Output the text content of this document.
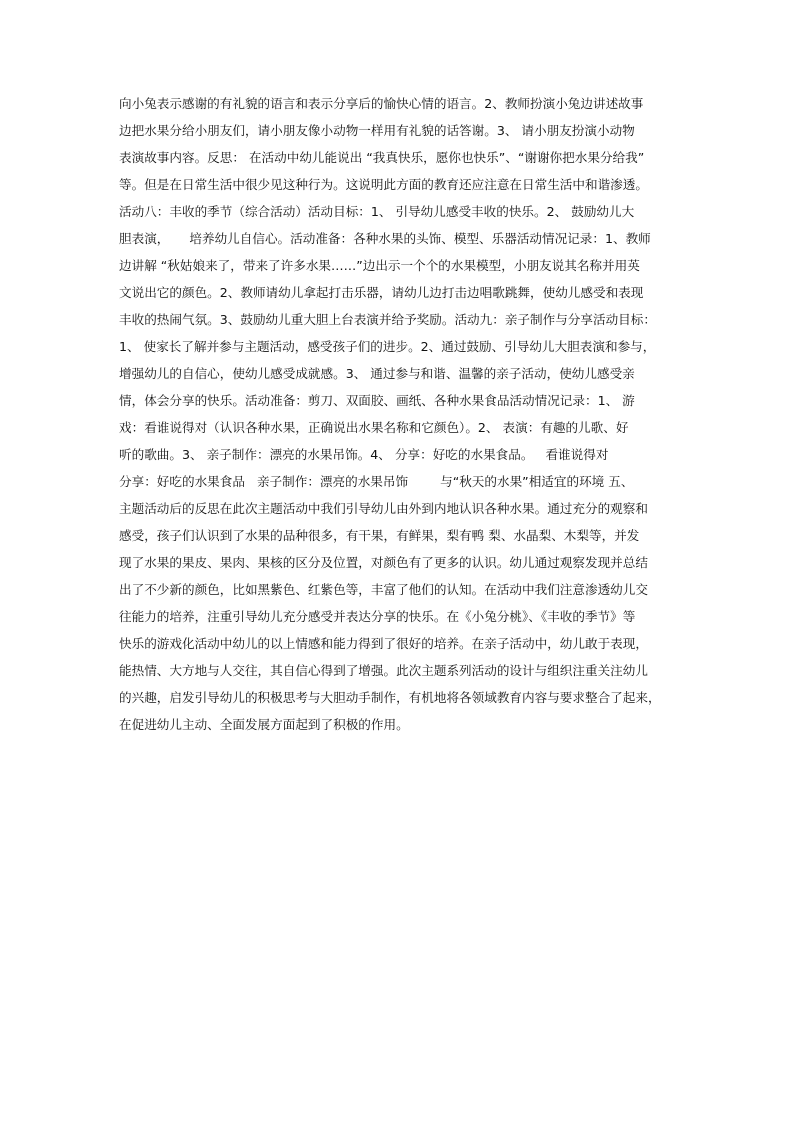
向小兔表示感谢的有礼貌的语言和表示分享后的愉快心情的语言。2、教师扮演小兔边讲述故事
边把水果分给小朋友们，请小朋友像小动物一样用有礼貌的话答谢。3、 请小朋友扮演小动物
表演故事内容。反思： 在活动中幼儿能说出 “我真快乐，愿你也快乐”、“谢谢你把水果分给我”
等。但是在日常生活中很少见这种行为。这说明此方面的教育还应注意在日常生活中和谐渗透。
活动八：丰收的季节（综合活动）活动目标：1、 引导幼儿感受丰收的快乐。2、 鼓励幼儿大
胆表演，     培养幼儿自信心。活动准备：各种水果的头饰、模型、乐器活动情况记录：1、教师
边讲解 “秋姑娘来了，带来了许多水果……”边出示一个个的水果模型，小朋友说其名称并用英
文说出它的颜色。2、教师请幼儿拿起打击乐器，请幼儿边打击边唱歌跳舞，使幼儿感受和表现
丰收的热闹气氛。3、鼓励幼儿重大胆上台表演并给予奖励。活动九：亲子制作与分享活动目标：
1、 使家长了解并参与主题活动，感受孩子们的进步。2、通过鼓励、引导幼儿大胆表演和参与，
增强幼儿的自信心，使幼儿感受成就感。3、 通过参与和谐、温馨的亲子活动，使幼儿感受亲
情，体会分享的快乐。活动准备：剪刀、双面胶、画纸、各种水果食品活动情况记录：1、 游
戏：看谁说得对（认识各种水果，正确说出水果名称和它颜色）。2、 表演：有趣的儿歌、好
听的歌曲。3、 亲子制作：漂亮的水果吊饰。4、 分享：好吃的水果食品。   看谁说得对
分享：好吃的水果食品   亲子制作：漂亮的水果吊饰        与“秋天的水果”相适宜的环境 五、
主题活动后的反思在此次主题活动中我们引导幼儿由外到内地认识各种水果。通过充分的观察和
感受，孩子们认识到了水果的品种很多，有干果，有鲜果，梨有鸭 梨、水晶梨、木梨等，并发
现了水果的果皮、果肉、果核的区分及位置，对颜色有了更多的认识。幼儿通过观察发现并总结
出了不少新的颜色，比如黑紫色、红紫色等，丰富了他们的认知。在活动中我们注意渗透幼儿交
往能力的培养，注重引导幼儿充分感受并表达分享的快乐。在《小兔分桃》、《丰收的季节》等
快乐的游戏化活动中幼儿的以上情感和能力得到了很好的培养。在亲子活动中，幼儿敢于表现，
能热情、大方地与人交往，其自信心得到了增强。此次主题系列活动的设计与组织注重关注幼儿
的兴趣，启发引导幼儿的积极思考与大胆动手制作，有机地将各领域教育内容与要求整合了起来，
在促进幼儿主动、全面发展方面起到了积极的作用。
